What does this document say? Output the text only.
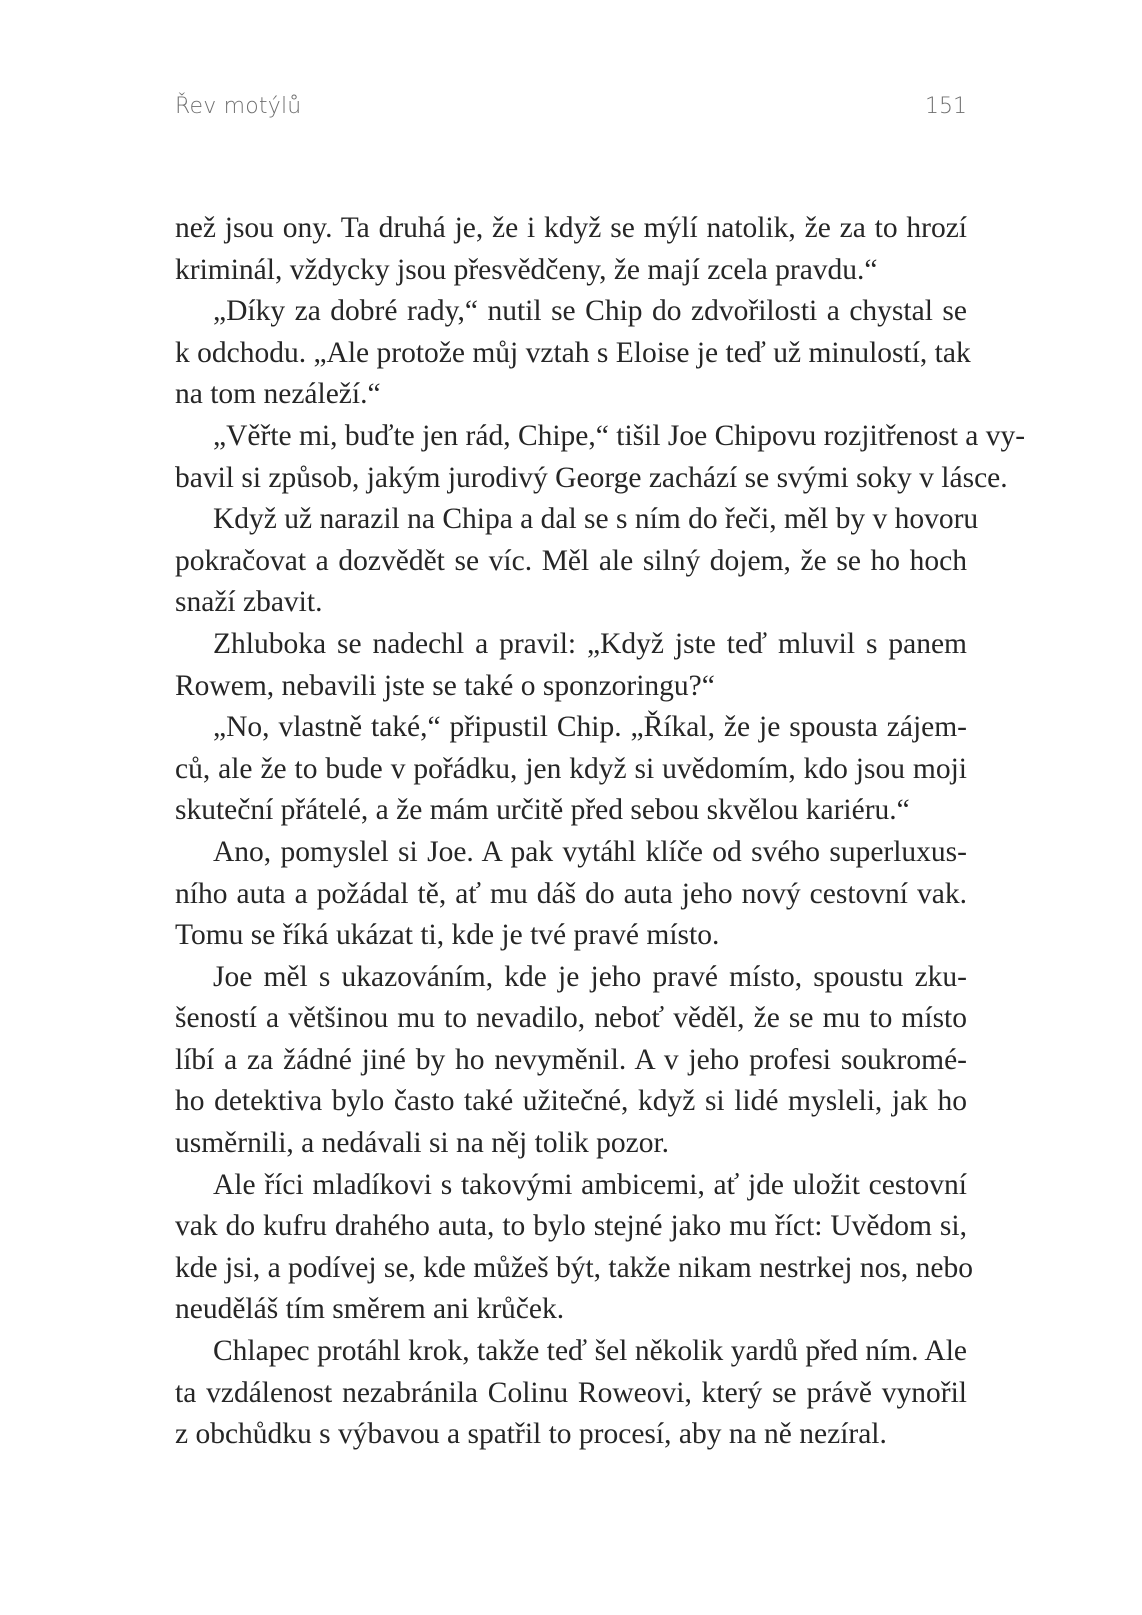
Řev motýlů	151

než jsou ony. Ta druhá je, že i když se mýlí natolik, že za to hrozí
kriminál, vždycky jsou přesvědčeny, že mají zcela pravdu.“

„Díky za dobré rady,“ nutil se Chip do zdvořilosti a chystal se
k odchodu. „Ale protože můj vztah s Eloise je teď už minulostí, tak
na tom nezáleží.“

„Věřte mi, buďte jen rád, Chipe,“ tišil Joe Chipovu rozjitřenost a vy-
bavil si způsob, jakým jurodivý George zachází se svými soky v lásce.

Když už narazil na Chipa a dal se s ním do řeči, měl by v hovoru
pokračovat a dozvědět se víc. Měl ale silný dojem, že se ho hoch
snaží zbavit.

Zhluboka se nadechl a pravil: „Když jste teď mluvil s panem
Rowem, nebavili jste se také o sponzoringu?“

„No, vlastně také,“ připustil Chip. „Říkal, že je spousta zájem-
ců, ale že to bude v pořádku, jen když si uvědomím, kdo jsou moji
skuteční přátelé, a že mám určitě před sebou skvělou kariéru.“

Ano, pomyslel si Joe. A pak vytáhl klíče od svého superluxus-
ního auta a požádal tě, ať mu dáš do auta jeho nový cestovní vak.
Tomu se říká ukázat ti, kde je tvé pravé místo.

Joe měl s ukazováním, kde je jeho pravé místo, spoustu zku-
šeností a většinou mu to nevadilo, neboť věděl, že se mu to místo
líbí a za žádné jiné by ho nevyměnil. A v jeho profesi soukromé-
ho detektiva bylo často také užitečné, když si lidé mysleli, jak ho
usměrnili, a nedávali si na něj tolik pozor.

Ale říci mladíkovi s takovými ambicemi, ať jde uložit cestovní
vak do kufru drahého auta, to bylo stejné jako mu říct: Uvědom si,
kde jsi, a podívej se, kde můžeš být, takže nikam nestrkej nos, nebo
neuděláš tím směrem ani krůček.

Chlapec protáhl krok, takže teď šel několik yardů před ním. Ale
ta vzdálenost nezabránila Colinu Roweovi, který se právě vynořil
z obchůdku s výbavou a spatřil to procesí, aby na ně nezíral.
